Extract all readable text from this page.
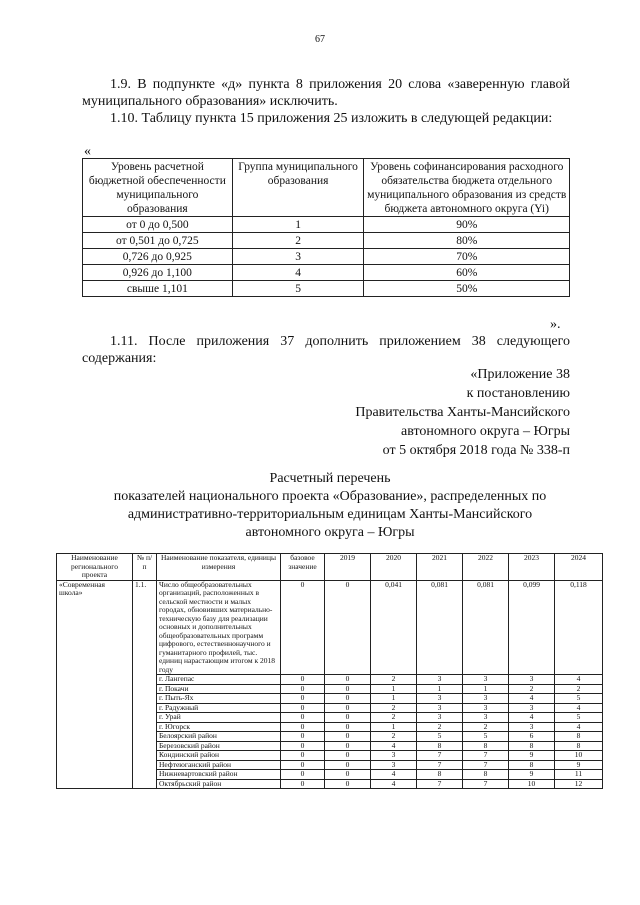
67
1.9. В подпункте «д» пункта 8 приложения 20 слова «заверенную главой муниципального образования» исключить.
1.10. Таблицу пункта 15 приложения 25 изложить в следующей редакции:
«
Уровень расчетной бюджетной обеспеченности муниципального образования	Группа муниципального образования	Уровень софинансирования расходного обязательства бюджета отдельного муниципального образования из средств бюджета автономного округа (Yi)
от 0 до 0,500	1	90%
от 0,501 до 0,725	2	80%
0,726 до 0,925	3	70%
0,926 до 1,100	4	60%
свыше 1,101	5	50%
».
1.11. После приложения 37 дополнить приложением 38 следующего содержания:
«Приложение 38
к постановлению
Правительства Ханты-Мансийского
автономного округа – Югры
от 5 октября 2018 года № 338-п
Расчетный перечень
показателей национального проекта «Образование», распределенных по
административно-территориальным единицам Ханты-Мансийского
автономного округа – Югры
Наименование регионального проекта	№ п/п	Наименование показателя, единицы измерения	базовое значение	2019	2020	2021	2022	2023	2024
«Современная школа»	1.1.	Число общеобразовательных организаций, расположенных в сельской местности и малых городах, обновивших материально-техническую базу для реализации основных и дополнительных общеобразовательных программ цифрового, естественнонаучного и гуманитарного профилей, тыс. единиц нарастающим итогом к 2018 году	0	0	0,041	0,081	0,081	0,099	0,118
		г. Лангепас	0	0	2	3	3	3	4
		г. Покачи	0	0	1	1	1	2	2
		г. Пыть-Ях	0	0	1	3	3	4	5
		г. Радужный	0	0	2	3	3	3	4
		г. Урай	0	0	2	3	3	4	5
		г. Югорск	0	0	1	2	2	3	4
		Белоярский район	0	0	2	5	5	6	8
		Березовский район	0	0	4	8	8	8	8
		Кондинский район	0	0	3	7	7	9	10
		Нефтеюганский район	0	0	3	7	7	8	9
		Нижневартовский район	0	0	4	8	8	9	11
		Октябрьский район	0	0	4	7	7	10	12
